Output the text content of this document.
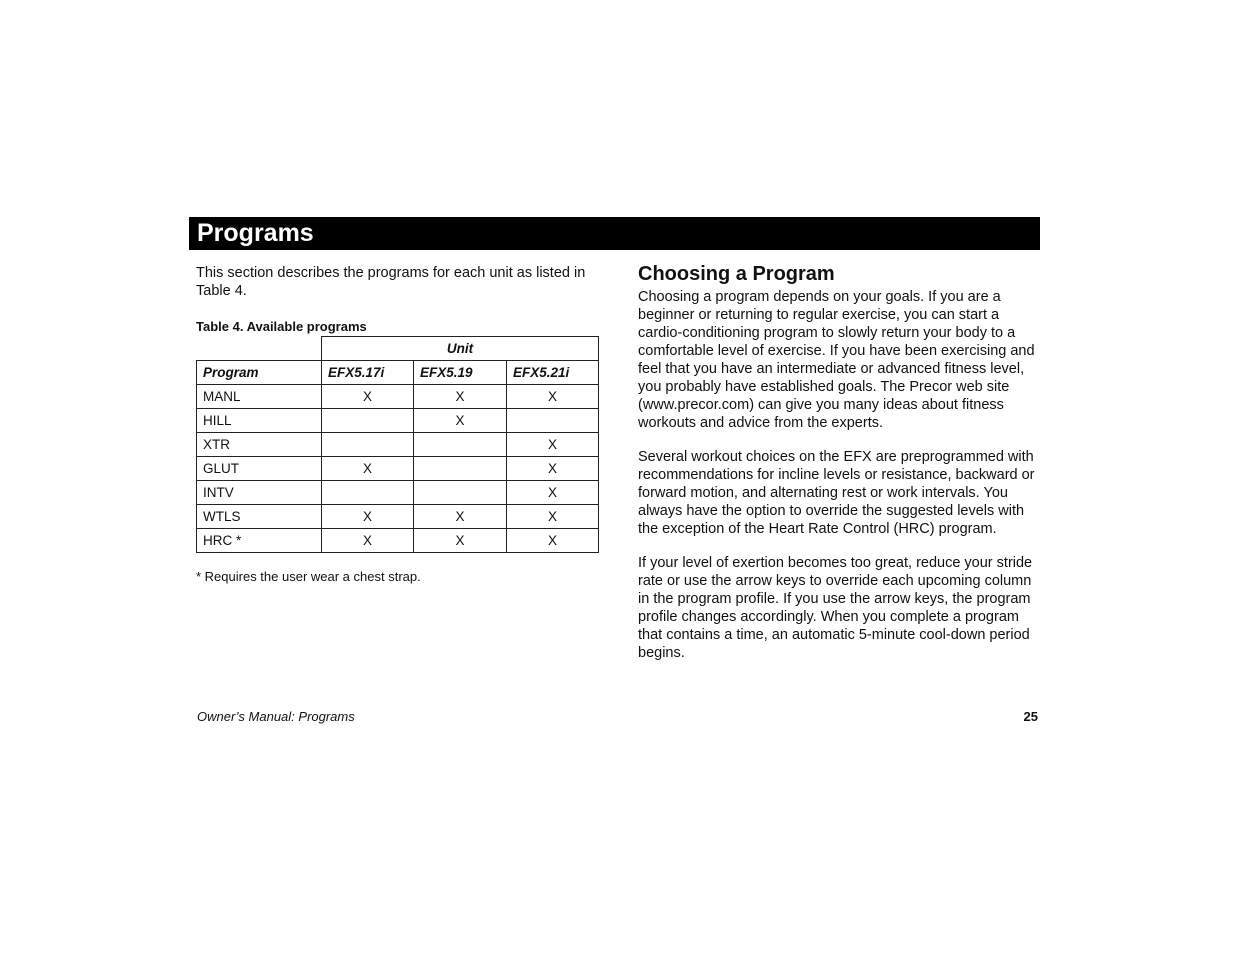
Programs

This section describes the programs for each unit as listed in Table 4.

Table 4. Available programs

	Unit		
Program	EFX5.17i	EFX5.19	EFX5.21i
MANL	X	X	X
HILL		X	
XTR			X
GLUT	X		X
INTV			X
WTLS	X	X	X
HRC *	X	X	X

* Requires the user wear a chest strap.

Choosing a Program

Choosing a program depends on your goals. If you are a beginner or returning to regular exercise, you can start a cardio-conditioning program to slowly return your body to a comfortable level of exercise. If you have been exercising and feel that you have an intermediate or advanced fitness level, you probably have established goals. The Precor web site (www.precor.com) can give you many ideas about fitness workouts and advice from the experts.

Several workout choices on the EFX are preprogrammed with recommendations for incline levels or resistance, backward or forward motion, and alternating rest or work intervals. You always have the option to override the suggested levels with the exception of the Heart Rate Control (HRC) program.

If your level of exertion becomes too great, reduce your stride rate or use the arrow keys to override each upcoming column in the program profile. If you use the arrow keys, the program profile changes accordingly. When you complete a program that contains a time, an automatic 5-minute cool-down period begins.

Owner’s Manual: Programs	25
